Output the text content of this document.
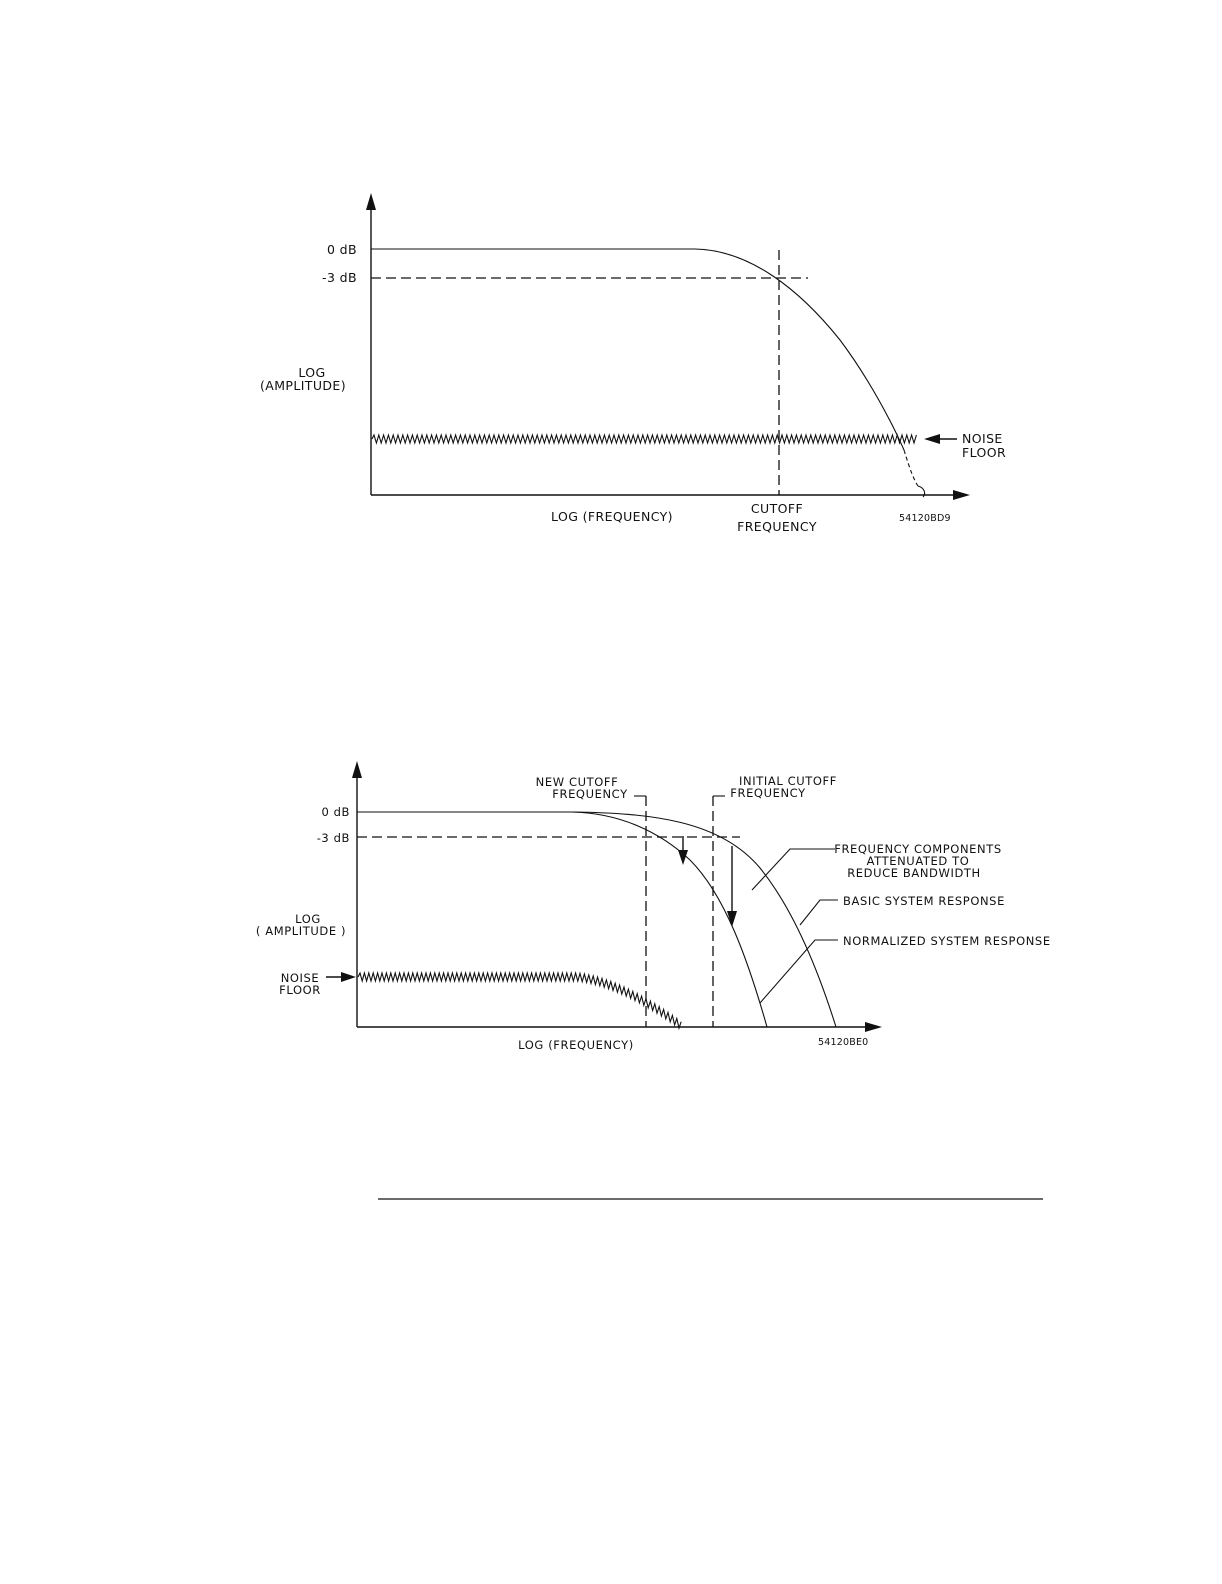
0 dB
-3 dB
LOG
(AMPLITUDE)
LOG (FREQUENCY)
CUTOFF
FREQUENCY
NOISE
FLOOR
54120BD9
0 dB
-3 dB
LOG
( AMPLITUDE )
NOISE
FLOOR
NEW CUTOFF
FREQUENCY
INITIAL CUTOFF
FREQUENCY
FREQUENCY COMPONENTS
ATTENUATED TO
REDUCE BANDWIDTH
BASIC SYSTEM RESPONSE
NORMALIZED SYSTEM RESPONSE
LOG (FREQUENCY)	54120BE0
